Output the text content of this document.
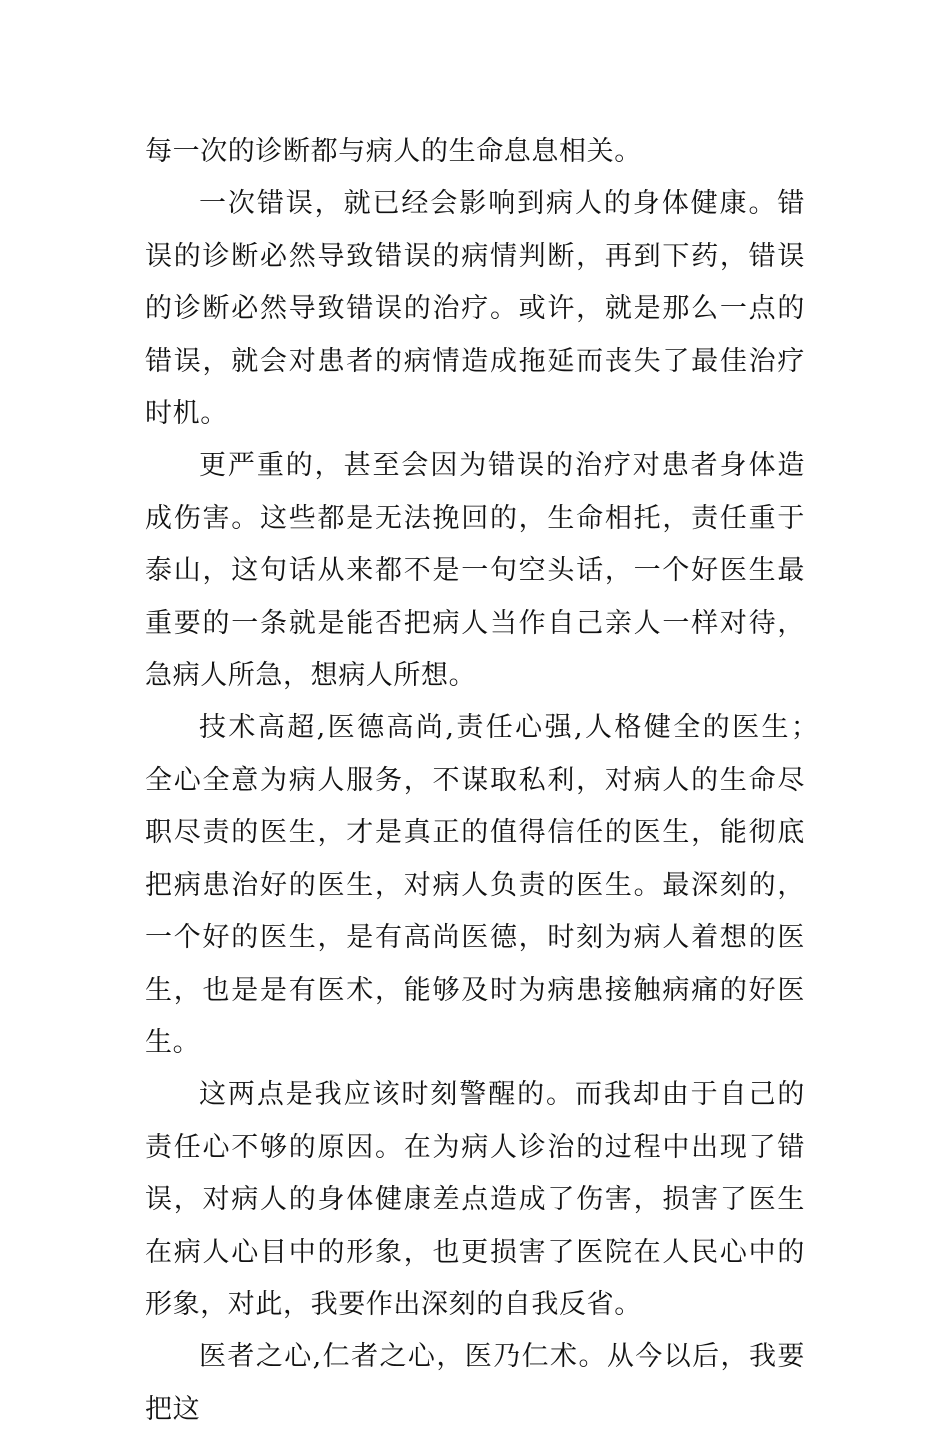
每一次的诊断都与病人的生命息息相关。

一次错误，就已经会影响到病人的身体健康。错误的诊断必然导致错误的病情判断，再到下药，错误的诊断必然导致错误的治疗。或许，就是那么一点的错误，就会对患者的病情造成拖延而丧失了最佳治疗时机。

更严重的，甚至会因为错误的治疗对患者身体造成伤害。这些都是无法挽回的，生命相托，责任重于泰山，这句话从来都不是一句空头话，一个好医生最重要的一条就是能否把病人当作自己亲人一样对待，急病人所急，想病人所想。

技术高超,医德高尚,责任心强,人格健全的医生；　全心全意为病人服务，不谋取私利，对病人的生命尽职尽责的医生，才是真正的值得信任的医生，能彻底把病患治好的医生，对病人负责的医生。最深刻的，一个好的医生，是有高尚医德，时刻为病人着想的医生，也是是有医术，能够及时为病患接触病痛的好医生。

这两点是我应该时刻警醒的。而我却由于自己的责任心不够的原因。在为病人诊治的过程中出现了错误，对病人的身体健康差点造成了伤害，损害了医生在病人心目中的形象，也更损害了医院在人民心中的形象，对此，我要作出深刻的自我反省。

医者之心,仁者之心，医乃仁术。从今以后，我要把这
